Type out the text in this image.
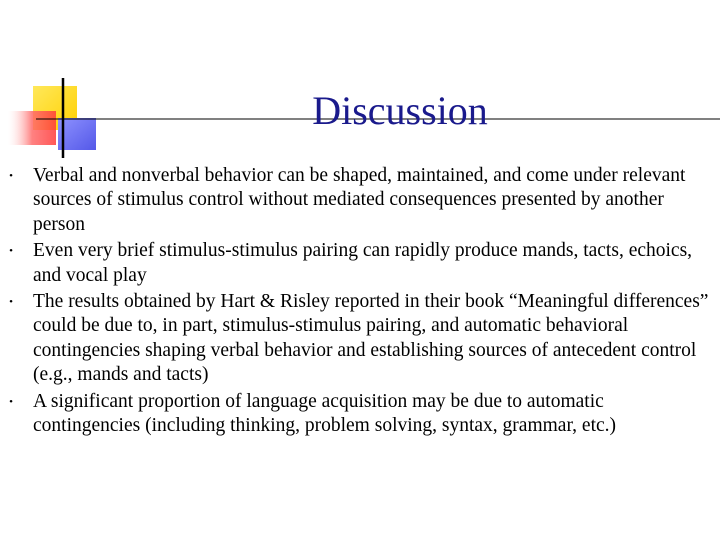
Discussion
• Verbal and nonverbal behavior can be shaped, maintained, and come under relevant sources of stimulus control without mediated consequences presented by another person
• Even very brief stimulus-stimulus pairing can rapidly produce mands, tacts, echoics, and vocal play
• The results obtained by Hart & Risley reported in their book “Meaningful differences” could be due to, in part, stimulus-stimulus pairing, and automatic behavioral contingencies shaping verbal behavior and establishing sources of antecedent control (e.g., mands and tacts)
• A significant proportion of language acquisition may be due to automatic contingencies (including thinking, problem solving, syntax, grammar, etc.)
